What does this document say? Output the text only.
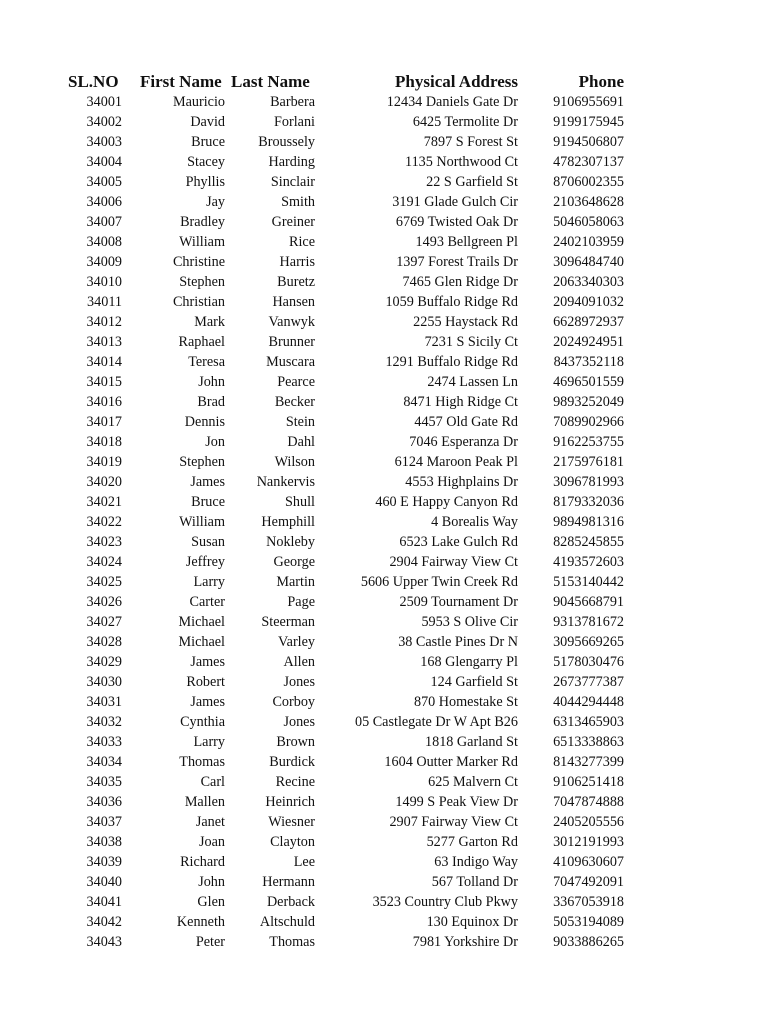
SL.NO	First Name	Last Name	Physical Address	Phone
34001	Mauricio	Barbera	12434 Daniels Gate Dr	9106955691
34002	David	Forlani	6425 Termolite Dr	9199175945
34003	Bruce	Broussely	7897 S Forest St	9194506807
34004	Stacey	Harding	1135 Northwood Ct	4782307137
34005	Phyllis	Sinclair	22 S Garfield St	8706002355
34006	Jay	Smith	3191 Glade Gulch Cir	2103648628
34007	Bradley	Greiner	6769 Twisted Oak Dr	5046058063
34008	William	Rice	1493 Bellgreen Pl	2402103959
34009	Christine	Harris	1397 Forest Trails Dr	3096484740
34010	Stephen	Buretz	7465 Glen Ridge Dr	2063340303
34011	Christian	Hansen	1059 Buffalo Ridge Rd	2094091032
34012	Mark	Vanwyk	2255 Haystack Rd	6628972937
34013	Raphael	Brunner	7231 S Sicily Ct	2024924951
34014	Teresa	Muscara	1291 Buffalo Ridge Rd	8437352118
34015	John	Pearce	2474 Lassen Ln	4696501559
34016	Brad	Becker	8471 High Ridge Ct	9893252049
34017	Dennis	Stein	4457 Old Gate Rd	7089902966
34018	Jon	Dahl	7046 Esperanza Dr	9162253755
34019	Stephen	Wilson	6124 Maroon Peak Pl	2175976181
34020	James	Nankervis	4553 Highplains Dr	3096781993
34021	Bruce	Shull	460 E Happy Canyon Rd	8179332036
34022	William	Hemphill	4 Borealis Way	9894981316
34023	Susan	Nokleby	6523 Lake Gulch Rd	8285245855
34024	Jeffrey	George	2904 Fairway View Ct	4193572603
34025	Larry	Martin	5606 Upper Twin Creek Rd	5153140442
34026	Carter	Page	2509 Tournament Dr	9045668791
34027	Michael	Steerman	5953 S Olive Cir	9313781672
34028	Michael	Varley	38 Castle Pines Dr N	3095669265
34029	James	Allen	168 Glengarry Pl	5178030476
34030	Robert	Jones	124 Garfield St	2673777387
34031	James	Corboy	870 Homestake St	4044294448
34032	Cynthia	Jones	05 Castlegate Dr W Apt B26	6313465903
34033	Larry	Brown	1818 Garland St	6513338863
34034	Thomas	Burdick	1604 Outter Marker Rd	8143277399
34035	Carl	Recine	625 Malvern Ct	9106251418
34036	Mallen	Heinrich	1499 S Peak View Dr	7047874888
34037	Janet	Wiesner	2907 Fairway View Ct	2405205556
34038	Joan	Clayton	5277 Garton Rd	3012191993
34039	Richard	Lee	63 Indigo Way	4109630607
34040	John	Hermann	567 Tolland Dr	7047492091
34041	Glen	Derback	3523 Country Club Pkwy	3367053918
34042	Kenneth	Altschuld	130 Equinox Dr	5053194089
34043	Peter	Thomas	7981 Yorkshire Dr	9033886265
